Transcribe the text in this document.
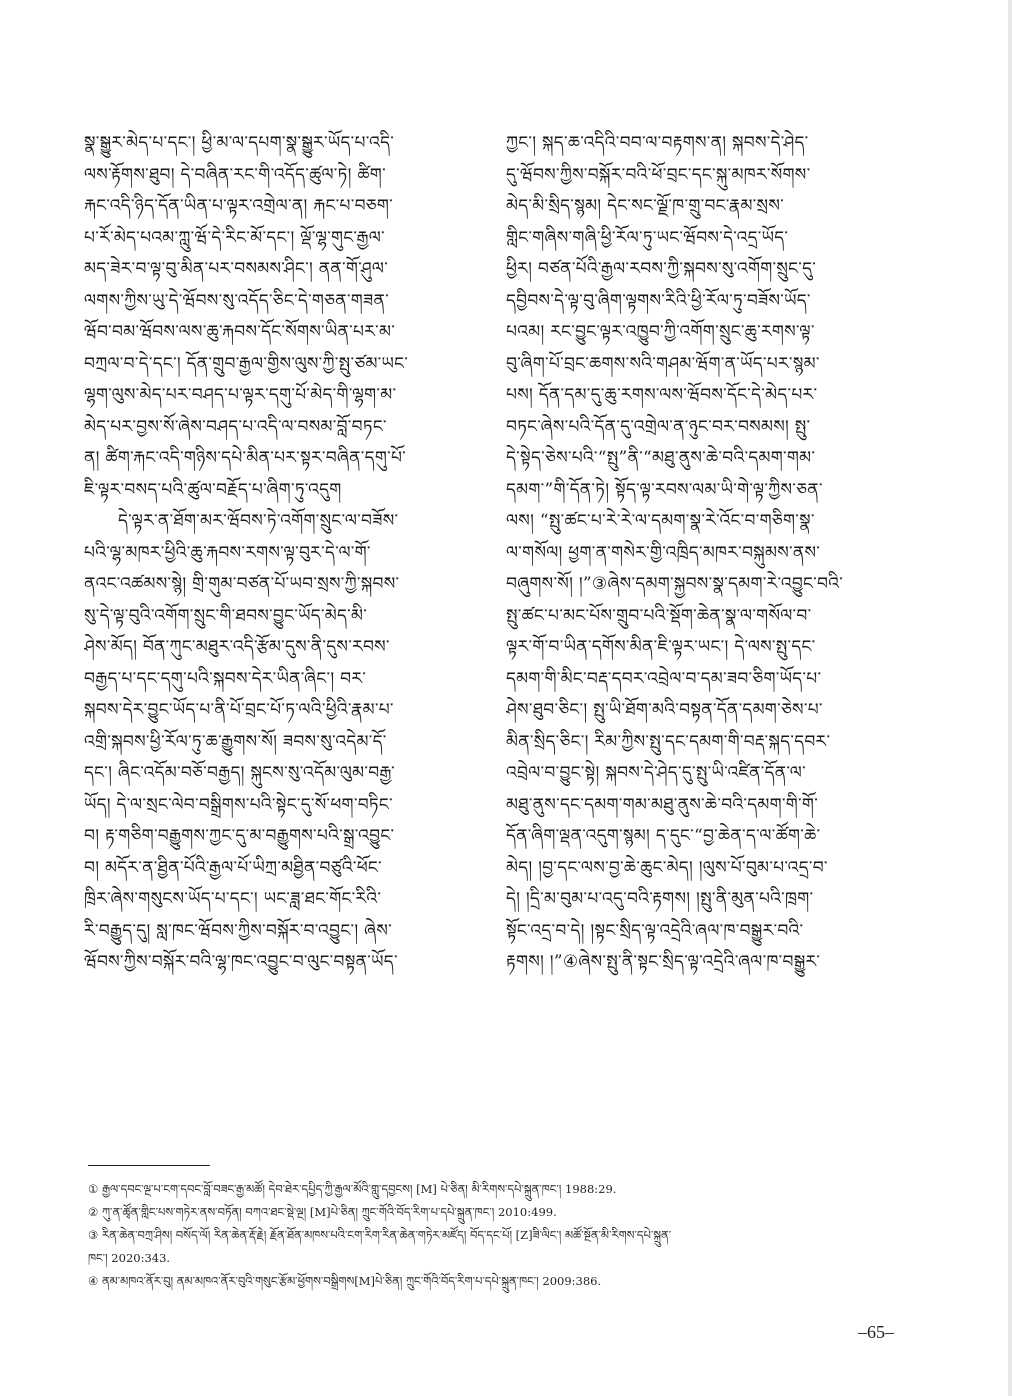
སྣ་སྒྱུར་མེད་པ་དང་། ཕྱི་མ་ལ་དཔག་སྣ་སྒྱུར་ཡོད་པ་འདི་
ལས་རྟོགས་ཐུབ། དེ་བཞིན་རང་གི་འདོད་ཚུལ་ཏེ། ཚིག་
རྐང་འདི་ཉིད་དོན་ཡིན་པ་ལྟར་འགྲེལ་ན། རྐང་པ་བཅག་
པ་རོ་མེད་པའམ་ཀླུ་ཝོ་དེ་རིང་མོ་དང་། ལྡོ་ལྷ་གུང་རྒྱལ་
མད་ཟེར་བ་ལྟ་བུ་མིན་པར་བསམས་ཤིང་། ནན་གོ་ཤུལ་
ལགས་ཀྱིས་ཡུ་དེ་ཝོབས་སུ་འདོད་ཅིང་དེ་གཅན་གཟན་
ཝོབ་བམ་ཝོབས་ལས་ཆུ་རྐབས་དོང་སོགས་ཡིན་པར་མ་
བཀྲལ་བ་དེ་དང་། དོན་གྲུབ་རྒྱལ་གྱིས་ལུས་ཀྱི་སྤུ་ཙམ་ཡང་
ལྷག་ལུས་མེད་པར་བཤད་པ་ལྟར་དགུ་པོ་མེད་གི་ལྷག་མ་
མེད་པར་བྱས་སོ་ཞེས་བཤད་པ་འདི་ལ་བསམ་བློ་བཏང་
ན། ཚིག་རྐང་འདི་གཉིས་དཔེ་མིན་པར་སྟར་བཞིན་དགུ་པོ་
ཇི་ལྟར་བསད་པའི་ཚུལ་བརྗོད་པ་ཞིག་ཏུ་འདུག
དེ་ལྟར་ན་ཐོག་མར་ཝོབས་ཏེ་འགོག་སྲུང་ལ་བཟོས་
པའི་ལྷ་མཁར་ཕྱིའི་ཆུ་རྐབས་རགས་ལྟ་བུར་དེ་ལ་གོ་
ནའང་འཚམས་སྙེ། གྲི་གུམ་བཙན་པོ་ཡབ་སྲས་ཀྱི་སྐབས་
སུ་དེ་ལྟ་བུའི་འགོག་སྲུང་གི་ཐབས་བྱུང་ཡོད་མེད་མི་
ཤེས་མོད། བོན་ཀུང་མཐུར་འདི་རྩོམ་དུས་ནི་དུས་རབས་
བརྒྱད་པ་དང་དགུ་པའི་སྐབས་དེར་ཡིན་ཞིང་། བར་
སྐབས་དེར་བྱུང་ཡོད་པ་ནི་པོ་བྲང་པོ་ཏ་ལའི་ཕྱིའི་རྣམ་པ་
འགྲི་སྐབས་ཕྱི་རོལ་ཏུ་ཆ་རྒྱུགས་སོ། ཟབས་སུ་འདེམ་དོ་
དང་། ཞིང་འདོམ་བཅོ་བརྒྱད། སྐུངས་སུ་འདོམ་ལུམ་བརྒྱ་
ཡོད། དེ་ལ་སྲང་ལེབ་བསྒྲིགས་པའི་སྟེང་དུ་སོ་ཕག་བཏིང་
བ། རྟ་གཅིག་བརྒྱུགས་ཀྱང་དུ་མ་བརྒྱུགས་པའི་སྒྲ་འབྱུང་
བ། མདོར་ན་ཐྱིན་པོའི་རྒྱལ་པོ་ཡིཀྲ་མཐྱིན་བཙུའི་ཕོང་
ཁྲིར་ཞེས་གསུངས་ཡོད་པ་དང་། ཡང་ཟླ་ཐང་གོང་རིའི་
རི་བརྒྱུད་དུ། སླ་ཁང་ཝོབས་ཀྱིས་བསྐོར་བ་འབྱུང་། ཞེས་
ཝོབས་ཀྱིས་བསྐོར་བའི་ལྷ་ཁང་འབྱུང་བ་ལུང་བསྟན་ཡོད་
ཀྱང་། སྐད་ཆ་འདིའི་བབ་ལ་བརྟགས་ན། སྐབས་དེ་ཤེད་
དུ་ཝོབས་ཀྱིས་བསྐོར་བའི་ཕོ་བྲང་དང་སྐུ་མཁར་སོགས་
མེད་མི་སྲིད་སྙམ། དེང་སང་ལྗོ་ཁ་གྲུ་བང་རྣམ་སྲས་
གླིང་གཞིས་གཞི་ཕྱི་རོལ་ཏུ་ཡང་ཝོབས་དེ་འདྲ་ཡོད་
ཕྱིར། བཙན་པོའི་རྒྱལ་རབས་ཀྱི་སྐབས་སུ་འགོག་སྲུང་དུ་
དབྱིབས་དེ་ལྟ་བུ་ཞིག་ལྟགས་རིའི་ཕྱི་རོལ་ཏུ་བཟོས་ཡོད་
པའམ། རང་བྱུང་ལྟར་འཁྱུབ་ཀྱི་འགོག་སྲུང་ཆུ་རགས་ལྟ་
བུ་ཞིག་པོ་བྲང་ཆགས་སའི་གཤམ་ཝོག་ན་ཡོད་པར་སྙམ་
པས། དོན་དམ་དུ་ཆུ་རགས་ལས་ཝོབས་དོང་དེ་མེད་པར་
བཏང་ཞེས་པའི་དོན་དུ་འགྲེལ་ན་ཉུང་བར་བསམས། སྤུ་
དེ་སྟེད་ཅེས་པའི་“སྤུ”ནི་“མཐུ་ནུས་ཆེ་བའི་དམག་གམ་
དམག་”གི་དོན་ཏེ། སྟོད་ལྟ་རབས་ལམ་ཡི་གེ་ལྟ་ཀྱིས་ཅན་
ལས། “སྤུ་ཚང་པ་རེ་རེ་ལ་དམག་སྣ་རེ་འོང་བ་གཅིག་སྣ་
ལ་གསོལ། ཕྱག་ན་གསེར་གྱི་འཁྲིད་མཁར་བསྐུམས་ནས་
བཞུགས་སོ། །”③ཞེས་དམག་སྐྱབས་སྣ་དམག་རེ་འབྱུང་བའི་
སྤུ་ཚང་པ་མང་པོས་གྲུབ་པའི་སྡོག་ཆེན་སྣ་ལ་གསོལ་བ་
ལྟར་གོ་བ་ཡིན་དགོས་མིན་ཇི་ལྟར་ཡང་། དེ་ལས་སྤུ་དང་
དམག་གི་མིང་བརྡ་དབར་འབྲེལ་བ་དམ་ཟབ་ཅིག་ཡོད་པ་
ཤེས་ཐུབ་ཅིང་། སྤུ་ཡི་ཐོག་མའི་བསྟན་དོན་དམག་ཅེས་པ་
མིན་སྲིད་ཅིང་། རིམ་ཀྱིས་སྤུ་དང་དམག་གི་བརྡ་སྐད་དབར་
འབྲེལ་བ་བྱུང་སྟེ། སྐབས་དེ་ཤེད་དུ་སྤུ་ཡི་འཛིན་དོན་ལ་
མཐུ་ནུས་དང་དམག་གམ་མཐུ་ནུས་ཆེ་བའི་དམག་གི་གོ་
དོན་ཞིག་ལྡན་འདུག་སྙམ། ད་དུང་“བྱ་ཆེན་ད་ལ་ཚོག་ཆེ་
མེད། །བྱ་དང་ལས་བྱ་ཆེ་ཆུང་མེད། །ལུས་པོ་བུམ་པ་འདྲ་བ་
དེ། །དྲི་མ་བུམ་པ་འདུ་བའི་རྟགས། །སྤུ་ནི་མུན་པའི་ཁྲག་
སྟོང་འདྲ་བ་དེ། །སྟང་སྲིད་ལྟ་འདྲེའི་ཞལ་ཁ་བསྒྱུར་བའི་
རྟགས། །”④ཞེས་སྤུ་ནི་སྟང་སྲིད་ལྟ་འདྲེའི་ཞལ་ཁ་བསྒྱུར་
① རྒྱལ་དབང་ལྔ་པ་ངག་དབང་བློ་བཟང་རྒྱ་མཚོ། དེབ་ཐེར་དཔྱིད་ཀྱི་རྒྱལ་མོའི་གླུ་དབྱངས། [M] པེ་ཅིན། མི་རིགས་དཔེ་སྐྲུན་ཁང་། 1988:29.
② ཀུ་ན་ཚྭོན་གླིང་པས་གཏེར་ནས་བཏོན། བཀའ་ཐང་སྡེ་ལྔ། [M]པེ་ཅིན། ཀྲུང་གོའི་བོད་རིག་པ་དཔེ་སྐྲུན་ཁང་། 2010:499.
③ རིན་ཆེན་བཀྲ་ཤིས། བསོད་ལོ། རིན་ཆེན་རྡོ་རྗེ། རྗོན་ཐོན་མཁས་པའི་ངག་རིག་རིན་ཆེན་གཏེར་མཛོད། བོད་དང་པོ། [Z]ཟི་ལིང་། མཚོ་སྔོན་མི་རིགས་དཔེ་སྐྲུན་
ཁང་། 2020:343.
④ ནམ་མཁའ་ནོར་བུ། ནམ་མཁའ་ནོར་བུའི་གསུང་རྩོམ་ཕྱོགས་བསྒྲིགས[M]པེ་ཅིན། ཀྲུང་གོའི་བོད་རིག་པ་དཔེ་སྐྲུན་ཁང་། 2009:386.
–65–
